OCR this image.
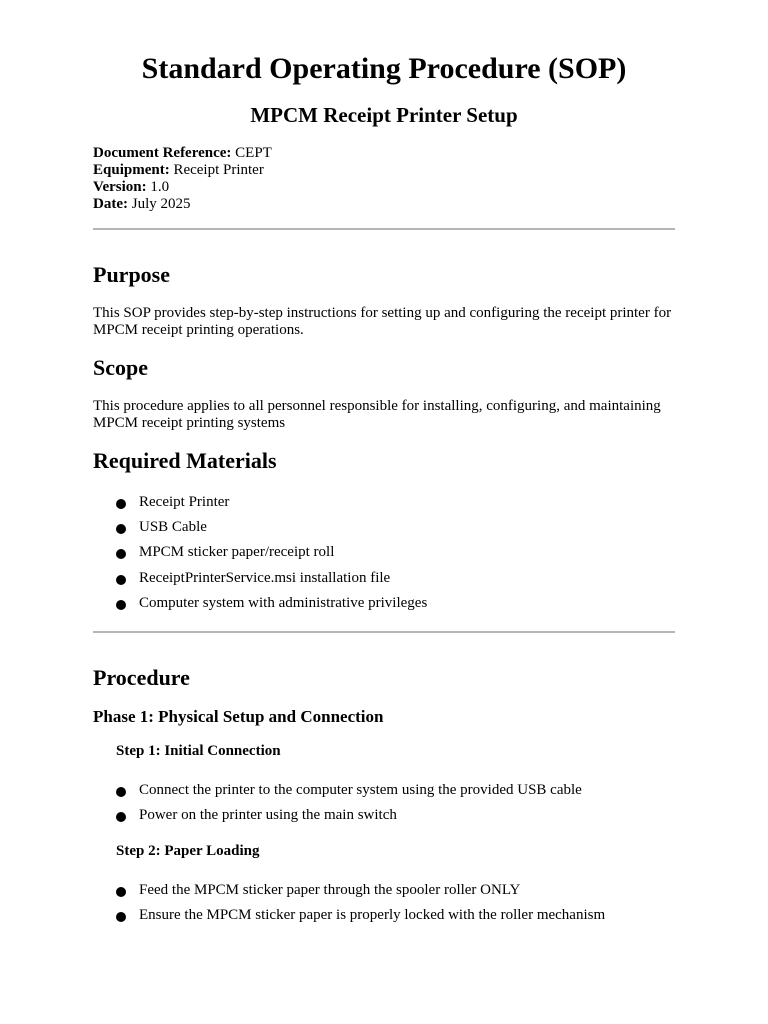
Standard Operating Procedure (SOP)
MPCM Receipt Printer Setup
Document Reference: CEPT
Equipment: Receipt Printer
Version: 1.0
Date: July 2025
Purpose

This SOP provides step-by-step instructions for setting up and configuring the receipt printer for MPCM receipt printing operations.

Scope

This procedure applies to all personnel responsible for installing, configuring, and maintaining MPCM receipt printing systems

Required Materials
Receipt Printer
USB Cable
MPCM sticker paper/receipt roll
ReceiptPrinterService.msi installation file
Computer system with administrative privileges
Procedure
Phase 1: Physical Setup and Connection
Step 1: Initial Connection
Connect the printer to the computer system using the provided USB cable
Power on the printer using the main switch
Step 2: Paper Loading
Feed the MPCM sticker paper through the spooler roller ONLY
Ensure the MPCM sticker paper is properly locked with the roller mechanism
